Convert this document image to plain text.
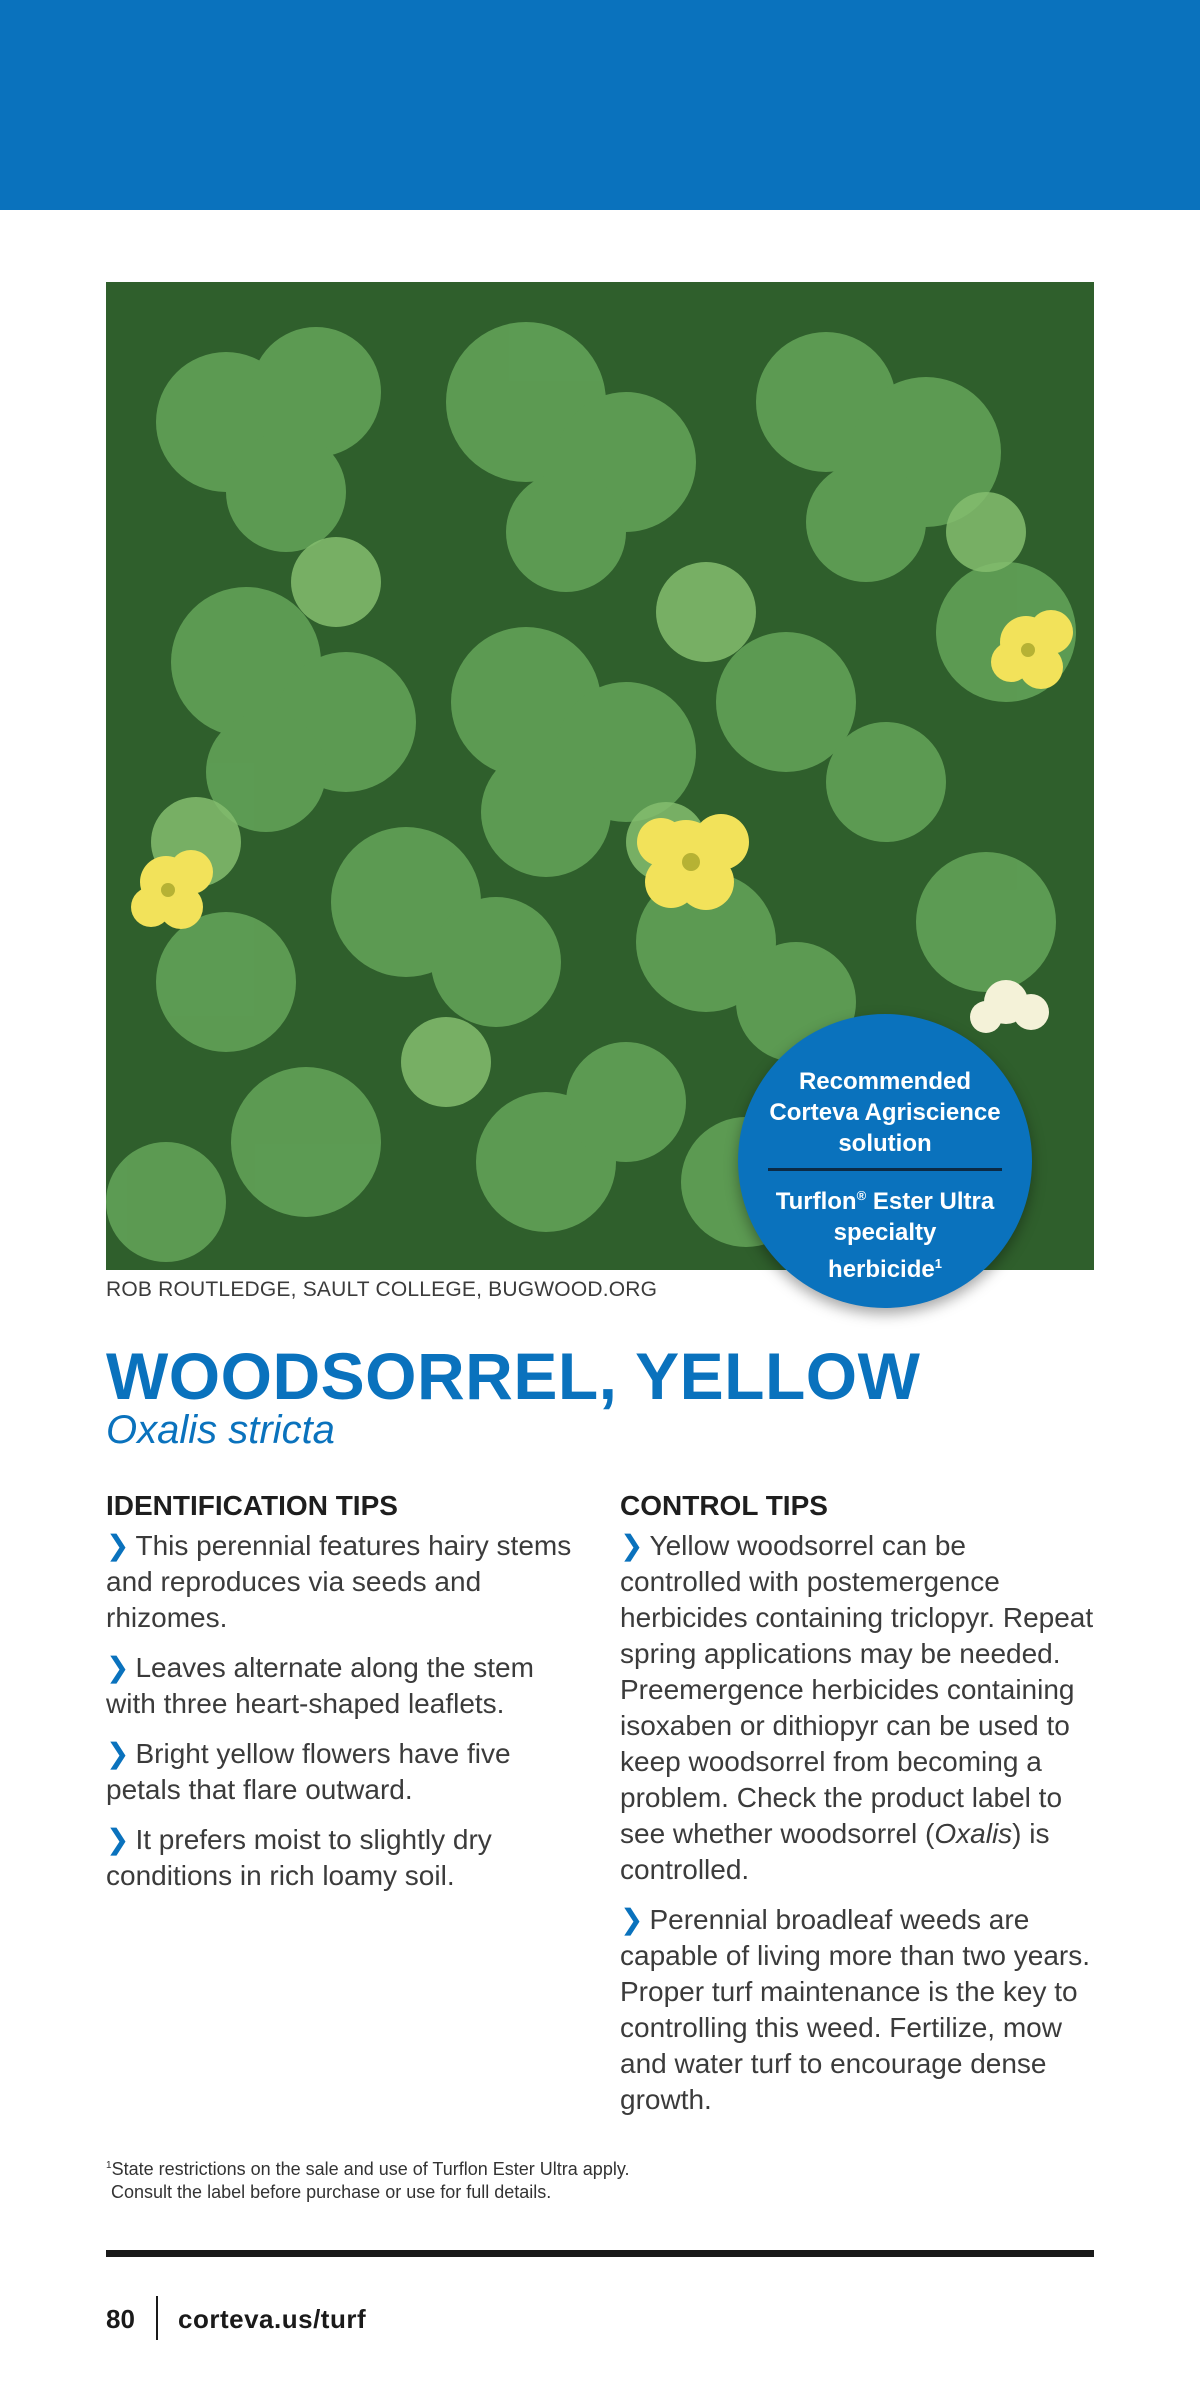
Recommended
Corteva Agriscience
solution
Turflon® Ester Ultra
specialty
herbicide$^1$
ROB ROUTLEDGE, SAULT COLLEGE, BUGWOOD.ORG
WOODSORREL, YELLOW
Oxalis stricta
IDENTIFICATION TIPS

❯ This perennial features hairy stems and reproduces via seeds and rhizomes.

❯ Leaves alternate along the stem with three heart-shaped leaflets.

❯ Bright yellow flowers have five petals that flare outward.

❯ It prefers moist to slightly dry conditions in rich loamy soil.

CONTROL TIPS

❯ Yellow woodsorrel can be controlled with postemergence herbicides containing triclopyr. Repeat spring applications may be needed. Preemergence herbicides containing isoxaben or dithiopyr can be used to keep woodsorrel from becoming a problem. Check the product label to see whether woodsorrel (Oxalis) is controlled.

❯ Perennial broadleaf weeds are capable of living more than two years. Proper turf maintenance is the key to controlling this weed. Fertilize, mow and water turf to encourage dense growth.

$^1$State restrictions on the sale and use of Turflon Ester Ultra apply.
Consult the label before purchase or use for full details.
80 corteva.us/turf
